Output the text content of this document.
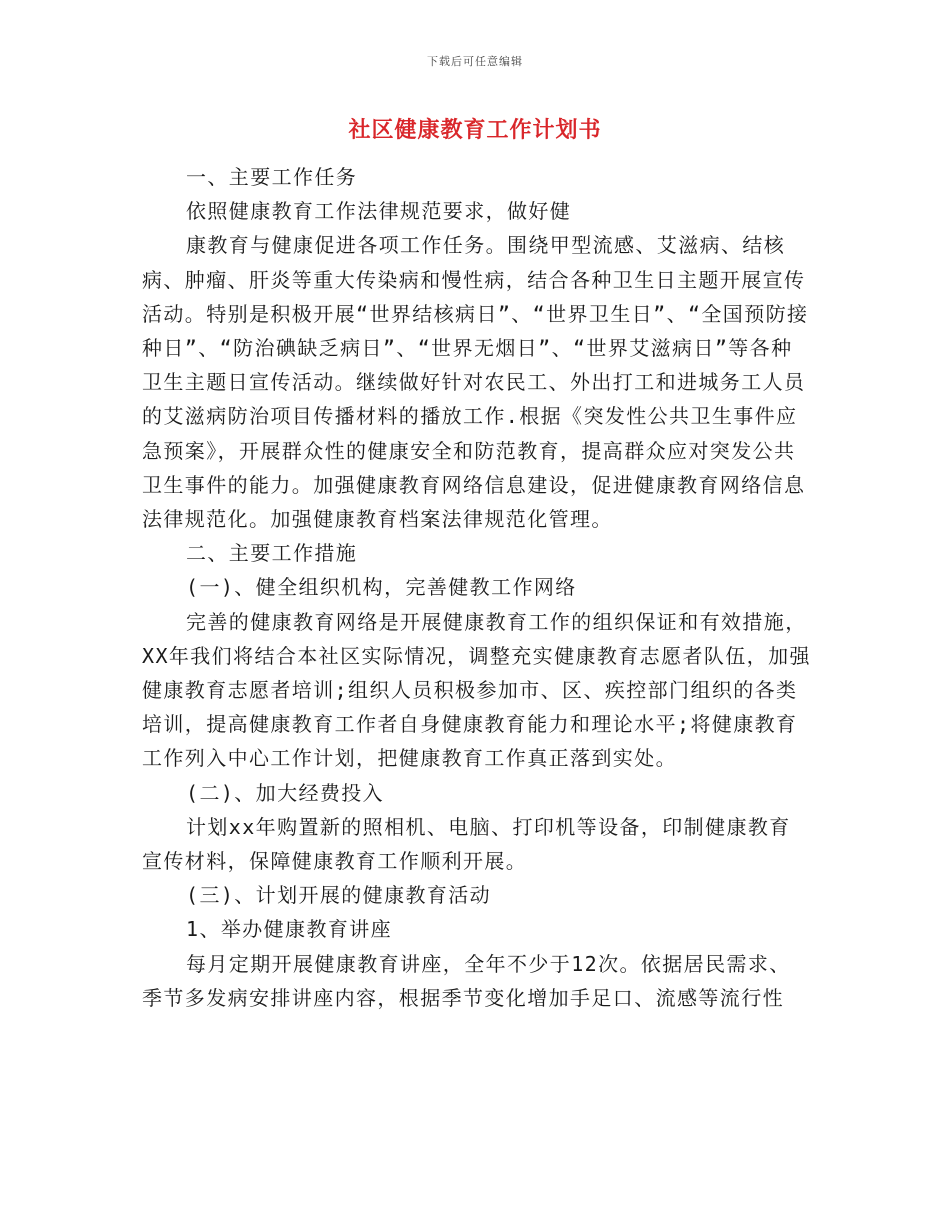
下载后可任意编辑
社区健康教育工作计划书

一、主要工作任务

依照健康教育工作法律规范要求，做好健

康教育与健康促进各项工作任务。围绕甲型流感、艾滋病、结核病、肿瘤、肝炎等重大传染病和慢性病，结合各种卫生日主题开展宣传活动。特别是积极开展“世界结核病日”、“世界卫生日”、“全国预防接种日”、“防治碘缺乏病日”、“世界无烟日”、“世界艾滋病日”等各种卫生主题日宣传活动。继续做好针对农民工、外出打工和进城务工人员的艾滋病防治项目传播材料的播放工作.根据《突发性公共卫生事件应急预案》，开展群众性的健康安全和防范教育，提高群众应对突发公共卫生事件的能力。加强健康教育网络信息建设，促进健康教育网络信息法律规范化。加强健康教育档案法律规范化管理。

二、主要工作措施

(一)、健全组织机构，完善健教工作网络

完善的健康教育网络是开展健康教育工作的组织保证和有效措施，XX年我们将结合本社区实际情况，调整充实健康教育志愿者队伍，加强健康教育志愿者培训;组织人员积极参加市、区、疾控部门组织的各类培训，提高健康教育工作者自身健康教育能力和理论水平;将健康教育工作列入中心工作计划，把健康教育工作真正落到实处。

(二)、加大经费投入

计划xx年购置新的照相机、电脑、打印机等设备，印制健康教育宣传材料，保障健康教育工作顺利开展。

(三)、计划开展的健康教育活动

1、举办健康教育讲座

每月定期开展健康教育讲座，全年不少于12次。依据居民需求、季节多发病安排讲座内容，根据季节变化增加手足口、流感等流行性
